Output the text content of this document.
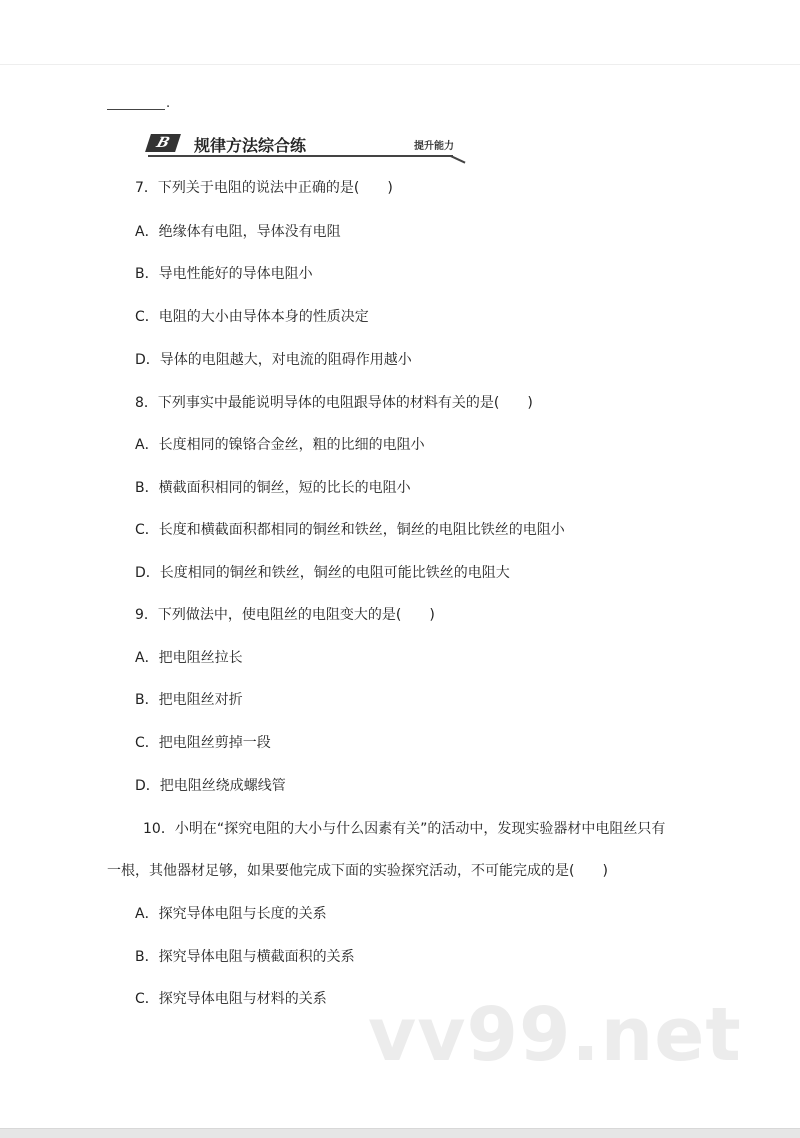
.
B	规律方法综合练	提升能力
7．下列关于电阻的说法中正确的是(　　)
A．绝缘体有电阻，导体没有电阻
B．导电性能好的导体电阻小
C．电阻的大小由导体本身的性质决定
D．导体的电阻越大，对电流的阻碍作用越小
8．下列事实中最能说明导体的电阻跟导体的材料有关的是(　　)
A．长度相同的镍铬合金丝，粗的比细的电阻小
B．横截面积相同的铜丝，短的比长的电阻小
C．长度和横截面积都相同的铜丝和铁丝，铜丝的电阻比铁丝的电阻小
D．长度相同的铜丝和铁丝，铜丝的电阻可能比铁丝的电阻大
9．下列做法中，使电阻丝的电阻变大的是(　　)
A．把电阻丝拉长
B．把电阻丝对折
C．把电阻丝剪掉一段
D．把电阻丝绕成螺线管
10．小明在“探究电阻的大小与什么因素有关”的活动中，发现实验器材中电阻丝只有
一根，其他器材足够，如果要他完成下面的实验探究活动，不可能完成的是(　　)
A．探究导体电阻与长度的关系
B．探究导体电阻与横截面积的关系
C．探究导体电阻与材料的关系 vv99.net
